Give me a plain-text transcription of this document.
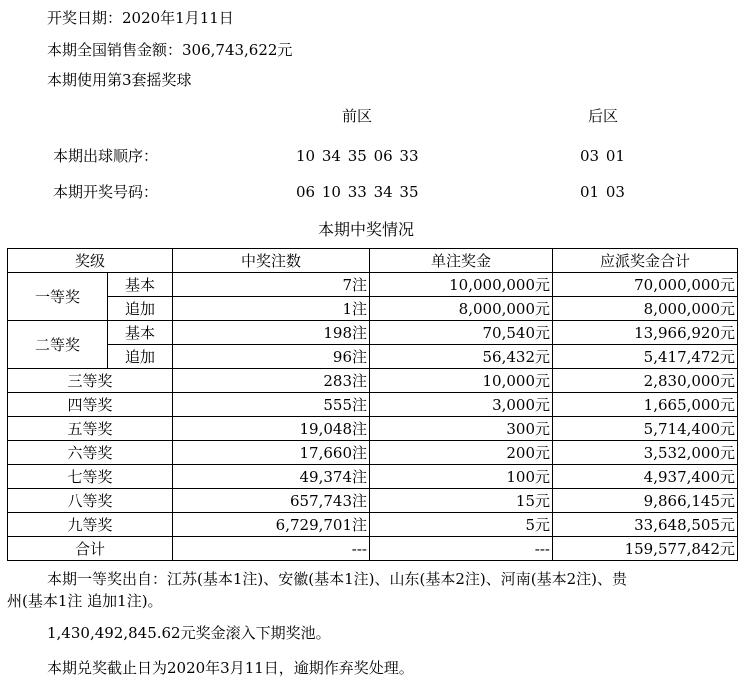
开奖日期：2020年1月11日
本期全国销售金额：306,743,622元
本期使用第3套摇奖球
前区	后区
本期出球顺序：	10 34 35 06 33	03 01
本期开奖号码：	06 10 33 34 35	01 03
本期中奖情况
奖级		中奖注数	单注奖金	应派奖金合计
一等奖	基本	7注	10,000,000元	70,000,000元
	追加	1注	8,000,000元	8,000,000元
二等奖	基本	198注	70,540元	13,966,920元
	追加	96注	56,432元	5,417,472元
三等奖		283注	10,000元	2,830,000元
四等奖		555注	3,000元	1,665,000元
五等奖		19,048注	300元	5,714,400元
六等奖		17,660注	200元	3,532,000元
七等奖		49,374注	100元	4,937,400元
八等奖		657,743注	15元	9,866,145元
九等奖		6,729,701注	5元	33,648,505元
合计		---	---	159,577,842元
本期一等奖出自：江苏(基本1注)、安徽(基本1注)、山东(基本2注)、河南(基本2注)、贵
州(基本1注 追加1注)。
1,430,492,845.62元奖金滚入下期奖池。
本期兑奖截止日为2020年3月11日，逾期作弃奖处理。
